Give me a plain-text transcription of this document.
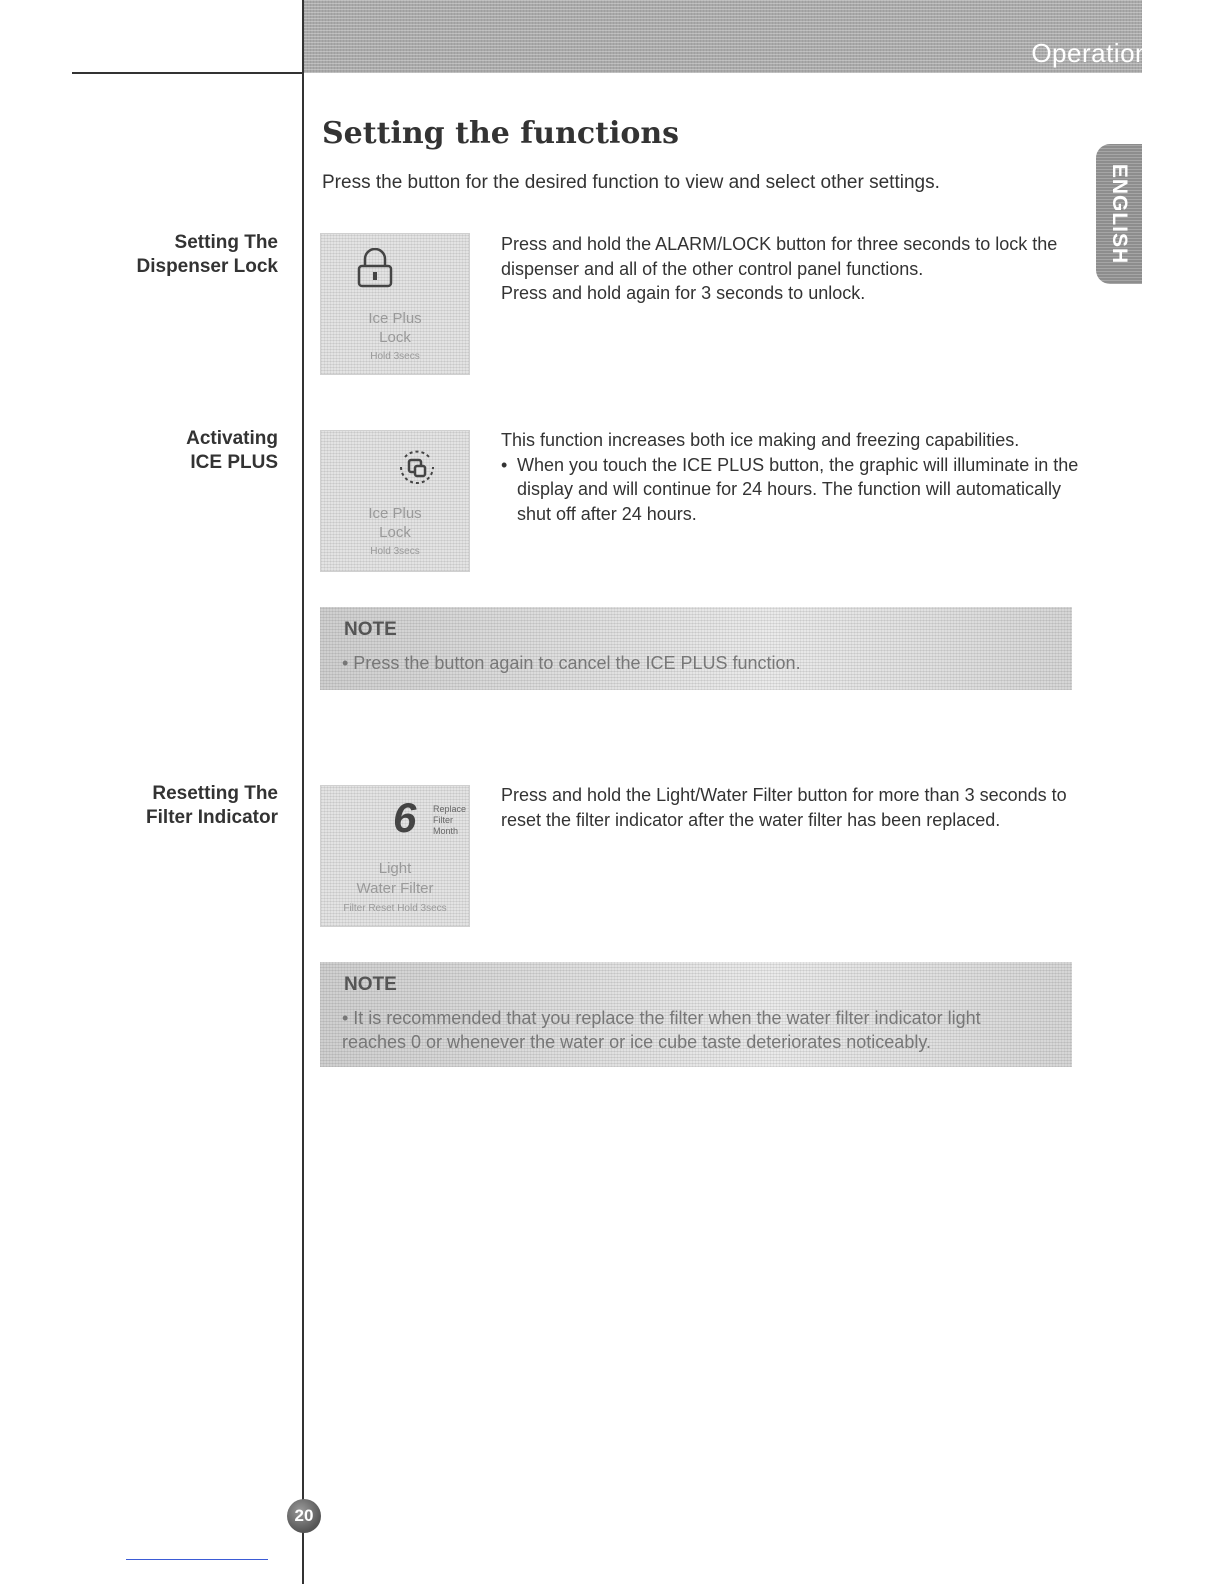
Operation
ENGLISH
Setting the functions
Press the button for the desired function to view and select other settings.
Setting The
Dispenser Lock
Ice Plus
Lock
Hold 3secs

Press and hold the ALARM/LOCK button for three seconds to lock the dispenser and all of the other control panel functions.

Press and hold again for 3 seconds to unlock.

Activating
ICE PLUS
Ice Plus
Lock
Hold 3secs

This function increases both ice making and freezing capabilities.

• When you touch the ICE PLUS button, the graphic will illuminate in the display and will continue for 24 hours. The function will automatically shut off after 24 hours.

NOTE
• Press the button again to cancel the ICE PLUS function.
Resetting The
Filter Indicator	6 Replace
Filter
Month
Light
Water Filter
Filter Reset Hold 3secs

Press and hold the Light/Water Filter button for more than 3 seconds to reset the filter indicator after the water filter has been replaced.

NOTE
• It is recommended that you replace the filter when the water filter indicator light reaches 0 or whenever the water or ice cube taste deteriorates noticeably.
20
